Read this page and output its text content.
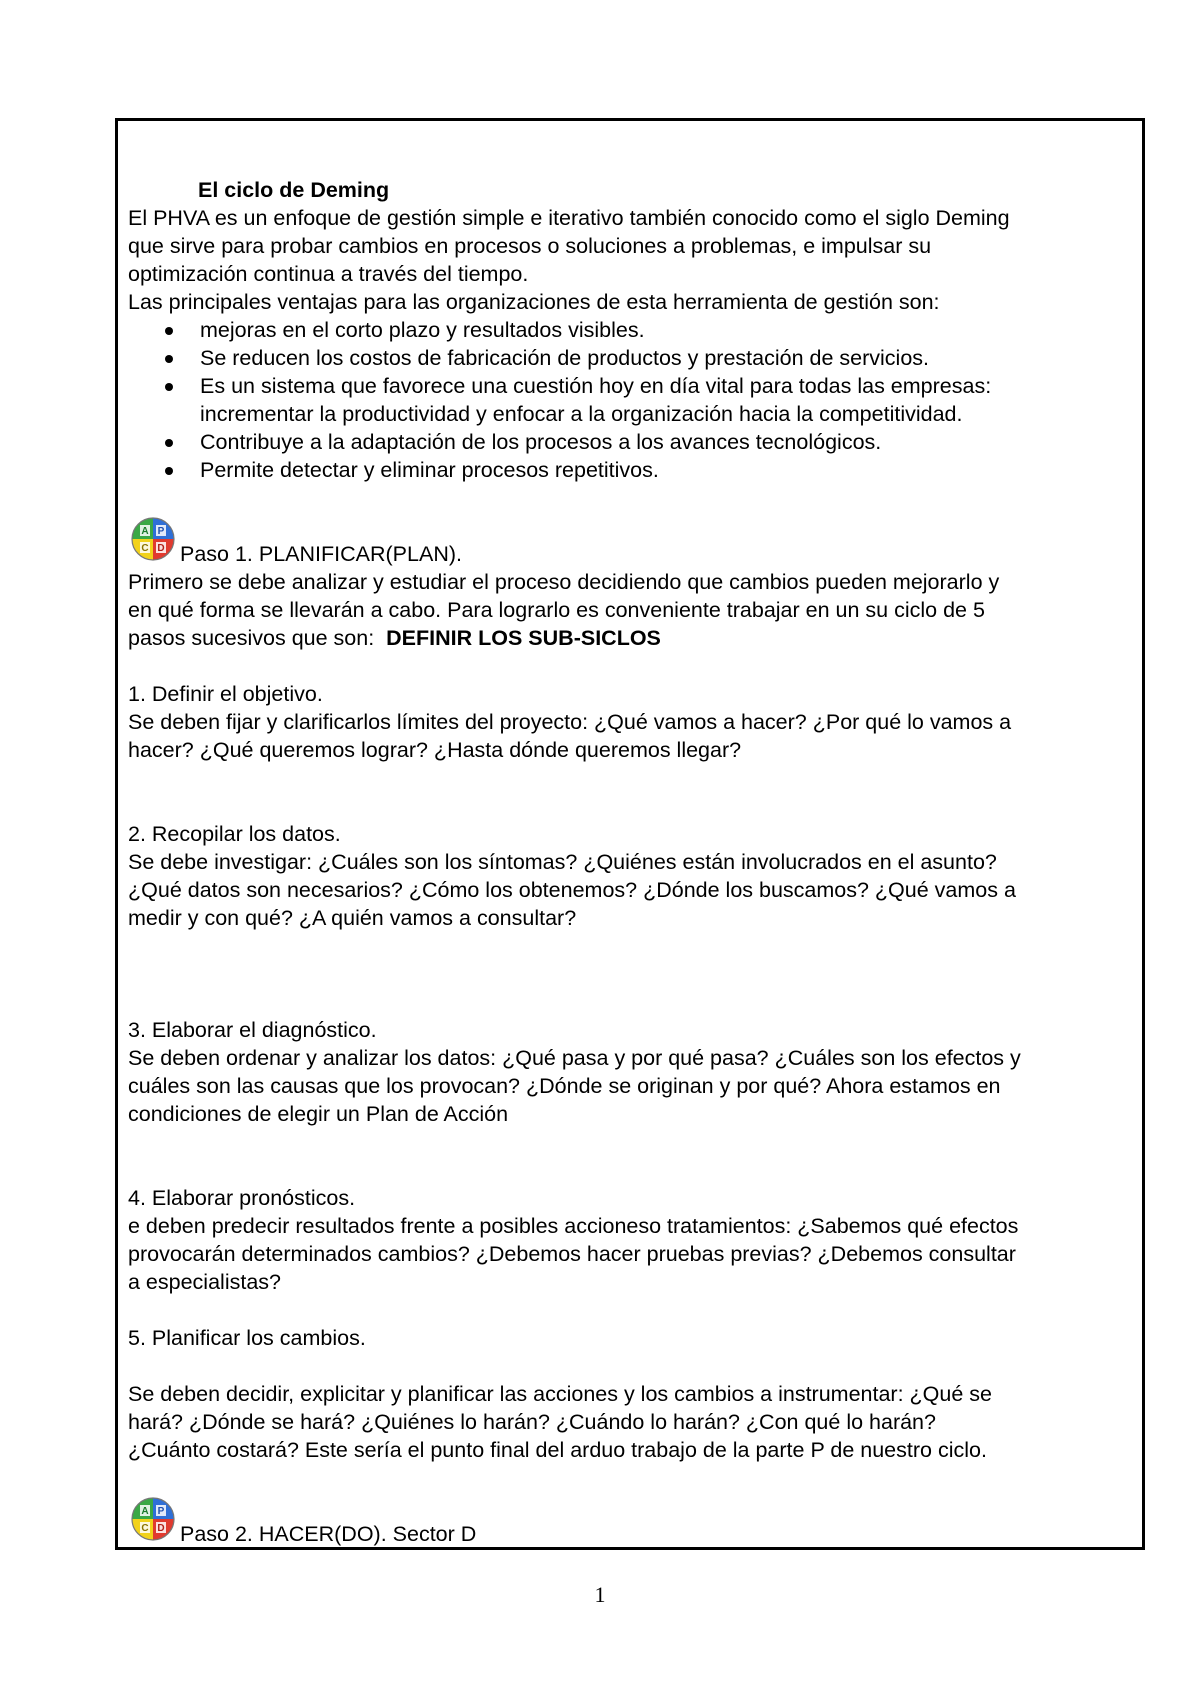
El ciclo de Deming

El PHVA es un enfoque de gestión simple e iterativo también conocido como el siglo Deming

que sirve para probar cambios en procesos o soluciones a problemas, e impulsar su

optimización continua a través del tiempo.

Las principales ventajas para las organizaciones de esta herramienta de gestión son:

mejoras en el corto plazo y resultados visibles.
Se reducen los costos de fabricación de productos y prestación de servicios.
Es un sistema que favorece una cuestión hoy en día vital para todas las empresas:
incrementar la productividad y enfocar a la organización hacia la competitividad.
Contribuye a la adaptación de los procesos a los avances tecnológicos.
Permite detectar y eliminar procesos repetitivos.

A P
C D Paso 1. PLANIFICAR(PLAN).

Primero se debe analizar y estudiar el proceso decidiendo que cambios pueden mejorarlo y

en qué forma se llevarán a cabo. Para lograrlo es conveniente trabajar en un su ciclo de 5

pasos sucesivos que son: DEFINIR LOS SUB-SICLOS

1. Definir el objetivo.

Se deben fijar y clarificarlos límites del proyecto: ¿Qué vamos a hacer? ¿Por qué lo vamos a

hacer? ¿Qué queremos lograr? ¿Hasta dónde queremos llegar?

2. Recopilar los datos.

Se debe investigar: ¿Cuáles son los síntomas? ¿Quiénes están involucrados en el asunto?

¿Qué datos son necesarios? ¿Cómo los obtenemos? ¿Dónde los buscamos? ¿Qué vamos a

medir y con qué? ¿A quién vamos a consultar?

3. Elaborar el diagnóstico.

Se deben ordenar y analizar los datos: ¿Qué pasa y por qué pasa? ¿Cuáles son los efectos y

cuáles son las causas que los provocan? ¿Dónde se originan y por qué? Ahora estamos en

condiciones de elegir un Plan de Acción

4. Elaborar pronósticos.

e deben predecir resultados frente a posibles accioneso tratamientos: ¿Sabemos qué efectos

provocarán determinados cambios? ¿Debemos hacer pruebas previas? ¿Debemos consultar

a especialistas?

5. Planificar los cambios.

Se deben decidir, explicitar y planificar las acciones y los cambios a instrumentar: ¿Qué se

hará? ¿Dónde se hará? ¿Quiénes lo harán? ¿Cuándo lo harán? ¿Con qué lo harán?

¿Cuánto costará? Este sería el punto final del arduo trabajo de la parte P de nuestro ciclo.

A P
C D Paso 2. HACER(DO). Sector D

1
